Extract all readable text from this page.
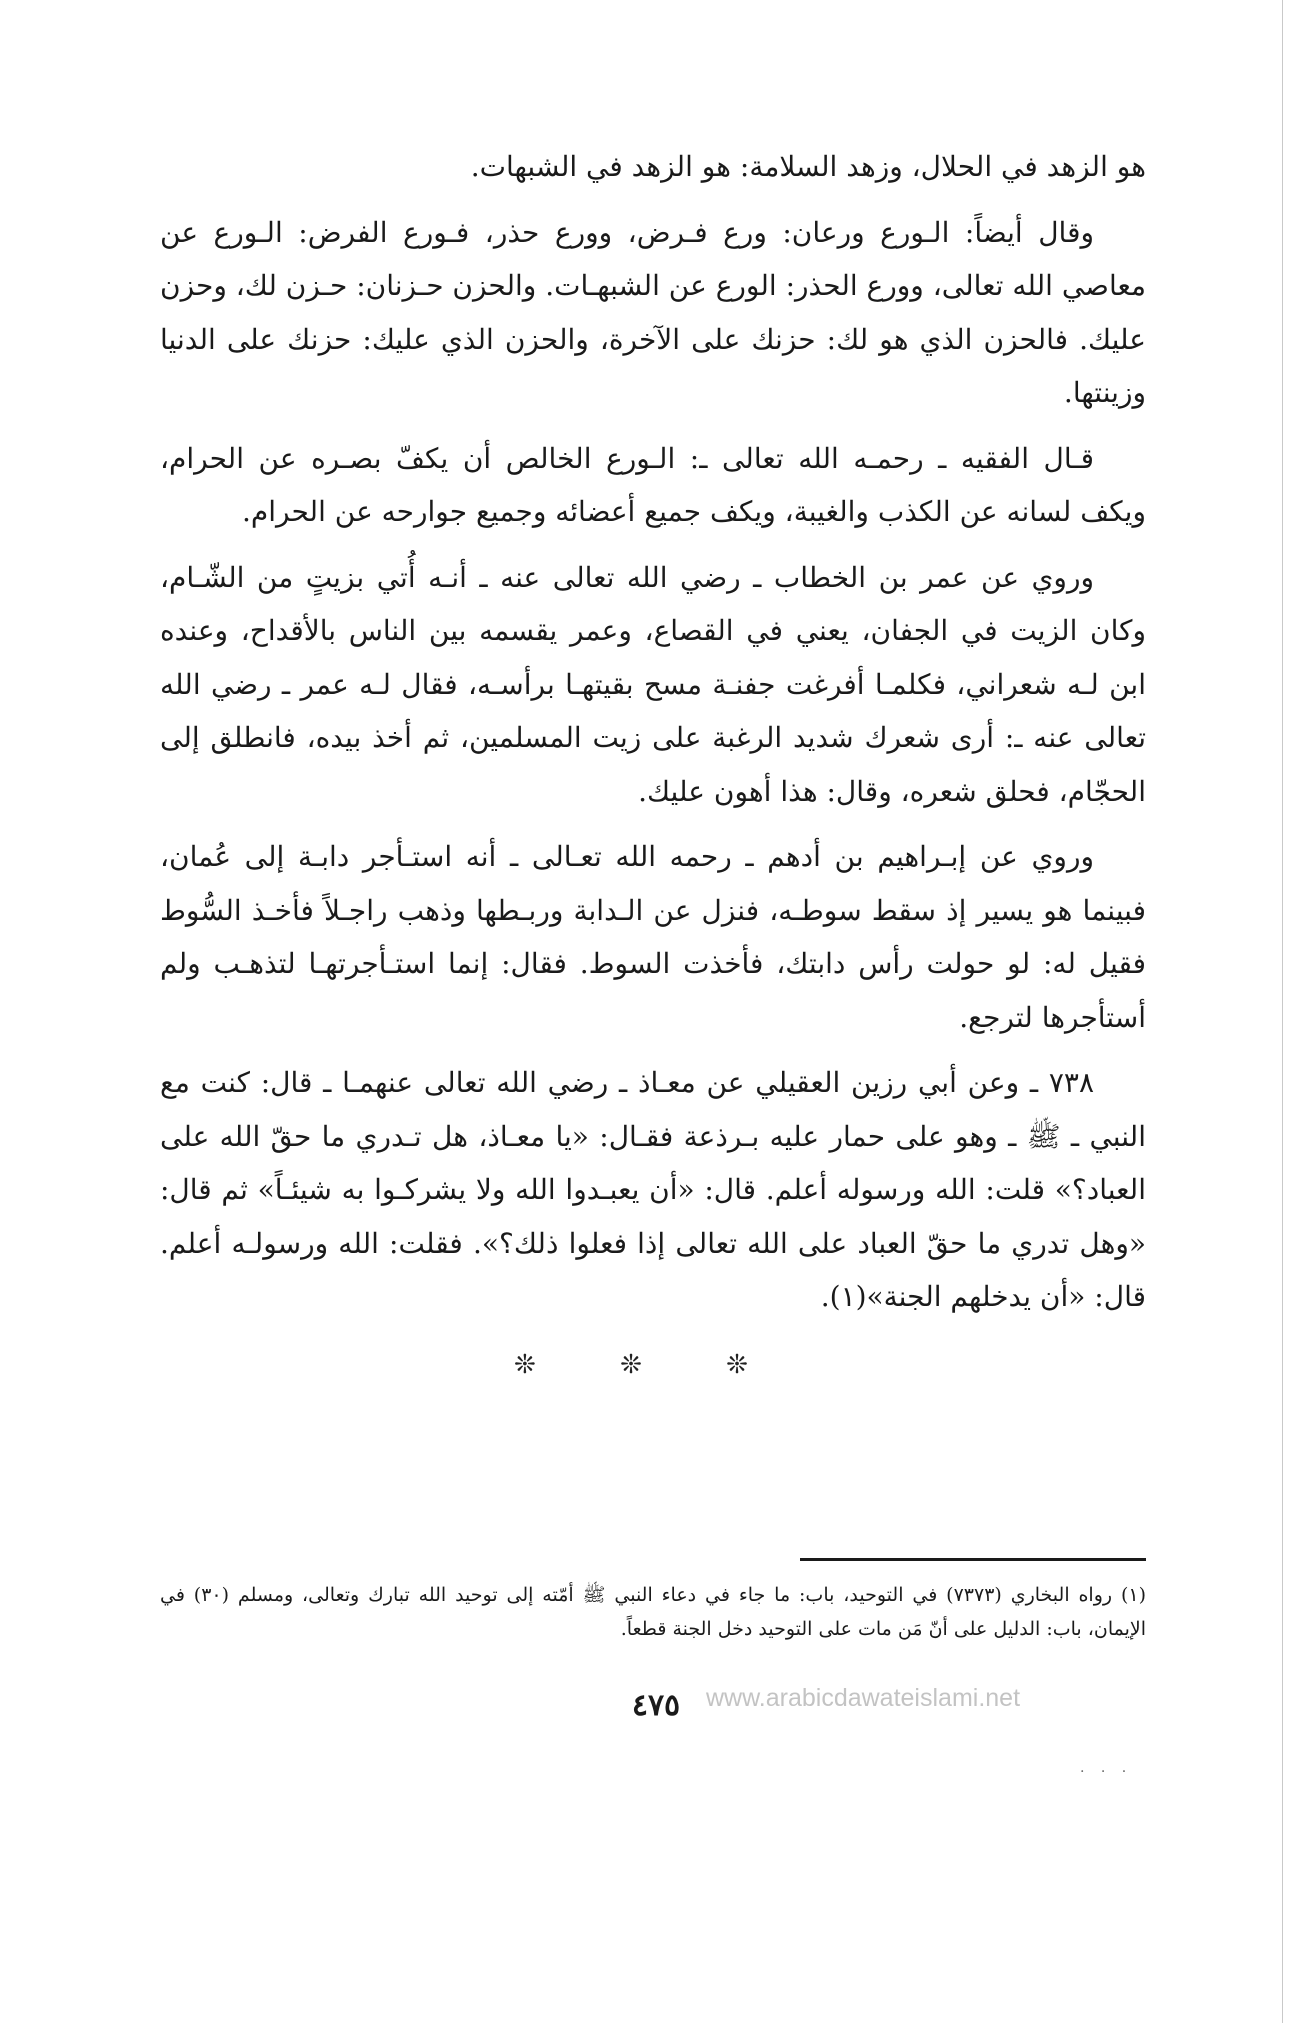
هو الزهد في الحلال، وزهد السلامة: هو الزهد في الشبهات.

وقال أيضاً: الـورع ورعان: ورع فـرض، وورع حذر، فـورع الفرض: الـورع عن معاصي الله تعالى، وورع الحذر: الورع عن الشبهـات. والحزن حـزنان: حـزن لك، وحزن عليك. فالحزن الذي هو لك: حزنك على الآخرة، والحزن الذي عليك: حزنك على الدنيا وزينتها.

قـال الفقيه ـ رحمـه الله تعالى ـ: الـورع الخالص أن يكفّ بصـره عن الحرام، ويكف لسانه عن الكذب والغيبة، ويكف جميع أعضائه وجميع جوارحه عن الحرام.

وروي عن عمر بن الخطاب ـ رضي الله تعالى عنه ـ أنـه أُتي بزيتٍ من الشّـام، وكان الزيت في الجفان، يعني في القصاع، وعمر يقسمه بين الناس بالأقداح، وعنده ابن لـه شعراني، فكلمـا أفرغت جفنـة مسح بقيتهـا برأسـه، فقال لـه عمر ـ رضي الله تعالى عنه ـ: أرى شعرك شديد الرغبة على زيت المسلمين، ثم أخذ بيده، فانطلق إلى الحجّام، فحلق شعره، وقال: هذا أهون عليك.

وروي عن إبـراهيم بن أدهم ـ رحمه الله تعـالى ـ أنه استـأجر دابـة إلى عُمان، فبينما هو يسير إذ سقط سوطـه، فنزل عن الـدابة وربـطها وذهب راجـلاً فأخـذ السُّوط فقيل له: لو حولت رأس دابتك، فأخذت السوط. فقال: إنما استـأجرتهـا لتذهـب ولم أستأجرها لترجع.

٧٣٨ ـ وعن أبي رزين العقيلي عن معـاذ ـ رضي الله تعالى عنهمـا ـ قال: كنت مع النبي ـ ﷺ ـ وهو على حمار عليه بـرذعة فقـال: «يا معـاذ، هل تـدري ما حقّ الله على العباد؟» قلت: الله ورسوله أعلم. قال: «أن يعبـدوا الله ولا يشركـوا به شيئـاً» ثم قال: «وهل تدري ما حقّ العباد على الله تعالى إذا فعلوا ذلك؟». فقلت: الله ورسولـه أعلم. قال: «أن يدخلهم الجنة»(١).

❊ ❊ ❊

(١) رواه البخاري (٧٣٧٣) في التوحيد، باب: ما جاء في دعاء النبي ﷺ أمّته إلى توحيد الله تبارك وتعالى، ومسلم (٣٠) في الإيمان، باب: الدليل على أنّ مَن مات على التوحيد دخل الجنة قطعاً.

٤٧٥	www.arabicdawateislami.net
. . .
